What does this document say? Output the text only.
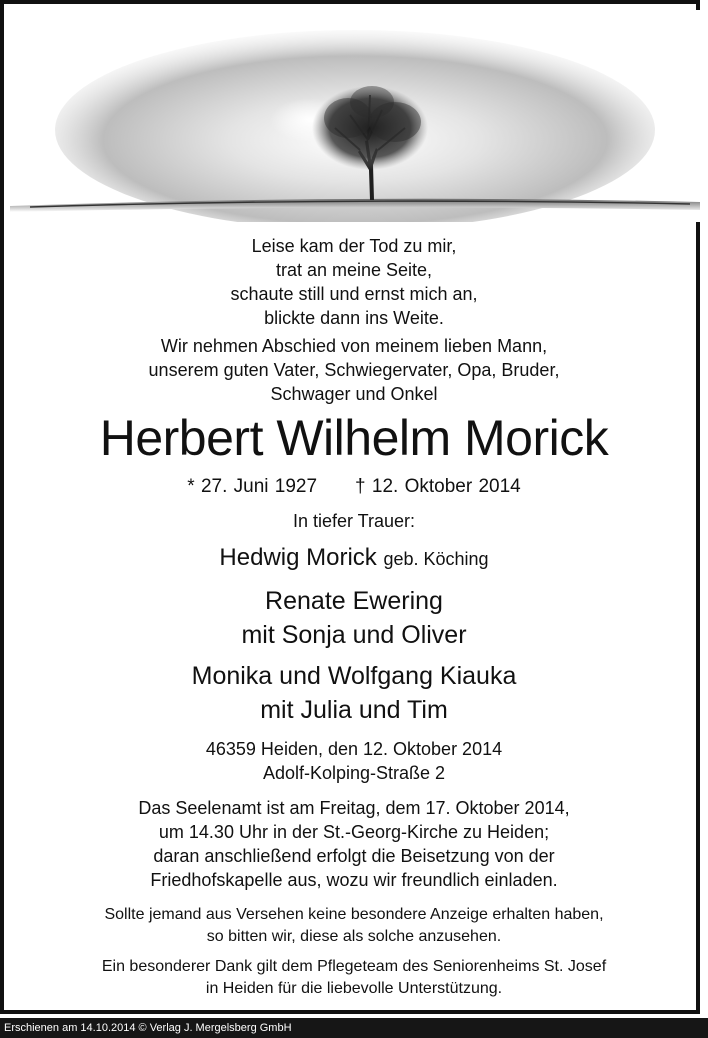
Leise kam der Tod zu mir,
trat an meine Seite,
schaute still und ernst mich an,
blickte dann ins Weite.
Wir nehmen Abschied von meinem lieben Mann,
unserem guten Vater, Schwiegervater, Opa, Bruder,
Schwager und Onkel
Herbert Wilhelm Morick
* 27. Juni 1927 † 12. Oktober 2014
In tiefer Trauer:
Hedwig Morick geb. Köching
Renate Ewering
mit Sonja und Oliver
Monika und Wolfgang Kiauka
mit Julia und Tim
46359 Heiden, den 12. Oktober 2014
Adolf-Kolping-Straße 2
Das Seelenamt ist am Freitag, dem 17. Oktober 2014,
um 14.30 Uhr in der St.-Georg-Kirche zu Heiden;
daran anschließend erfolgt die Beisetzung von der
Friedhofskapelle aus, wozu wir freundlich einladen.
Sollte jemand aus Versehen keine besondere Anzeige erhalten haben,
so bitten wir, diese als solche anzusehen.
Ein besonderer Dank gilt dem Pflegeteam des Seniorenheims St. Josef
in Heiden für die liebevolle Unterstützung.
Erschienen am 14.10.2014 © Verlag J. Mergelsberg GmbH
